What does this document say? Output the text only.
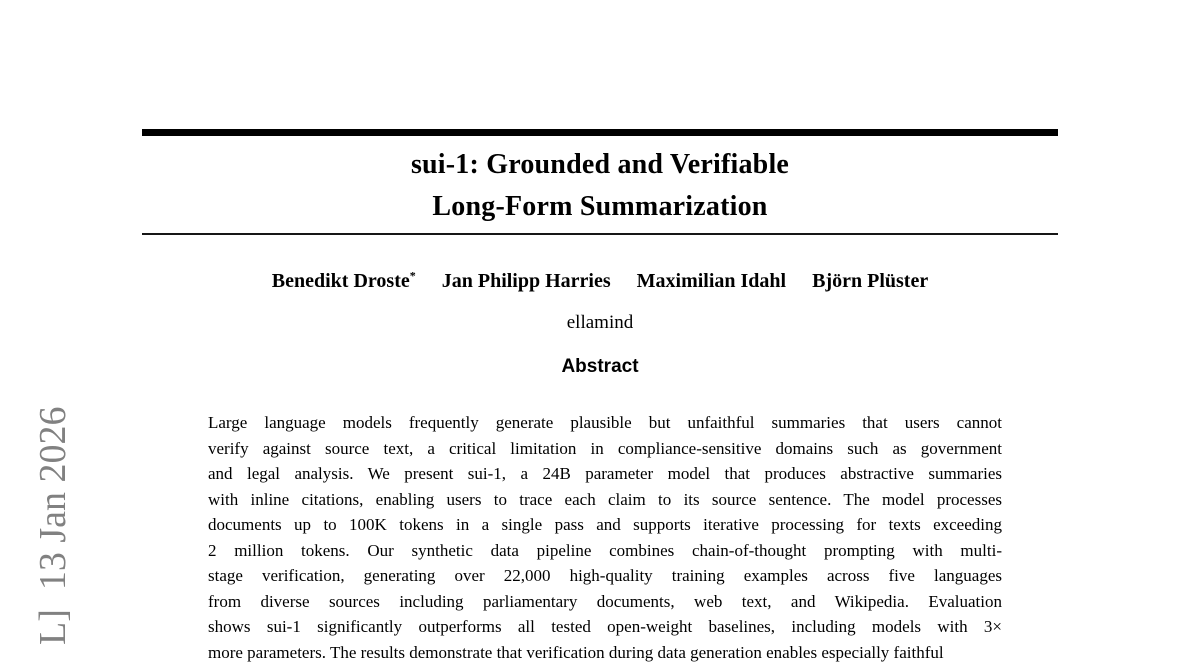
L]  13 Jan 2026
sui-1: Grounded and Verifiable
Long-Form Summarization
Benedikt Droste* Jan Philipp Harries Maximilian Idahl Björn Plüster
ellamind
Abstract
Large language models frequently generate plausible but unfaithful summaries that users cannot
verify against source text, a critical limitation in compliance-sensitive domains such as government
and legal analysis. We present sui-1, a 24B parameter model that produces abstractive summaries
with inline citations, enabling users to trace each claim to its source sentence. The model processes
documents up to 100K tokens in a single pass and supports iterative processing for texts exceeding
2 million tokens. Our synthetic data pipeline combines chain-of-thought prompting with multi-
stage verification, generating over 22,000 high-quality training examples across five languages
from diverse sources including parliamentary documents, web text, and Wikipedia. Evaluation
shows sui-1 significantly outperforms all tested open-weight baselines, including models with 3×
more parameters. The results demonstrate that verification during data generation enables especially faithful
